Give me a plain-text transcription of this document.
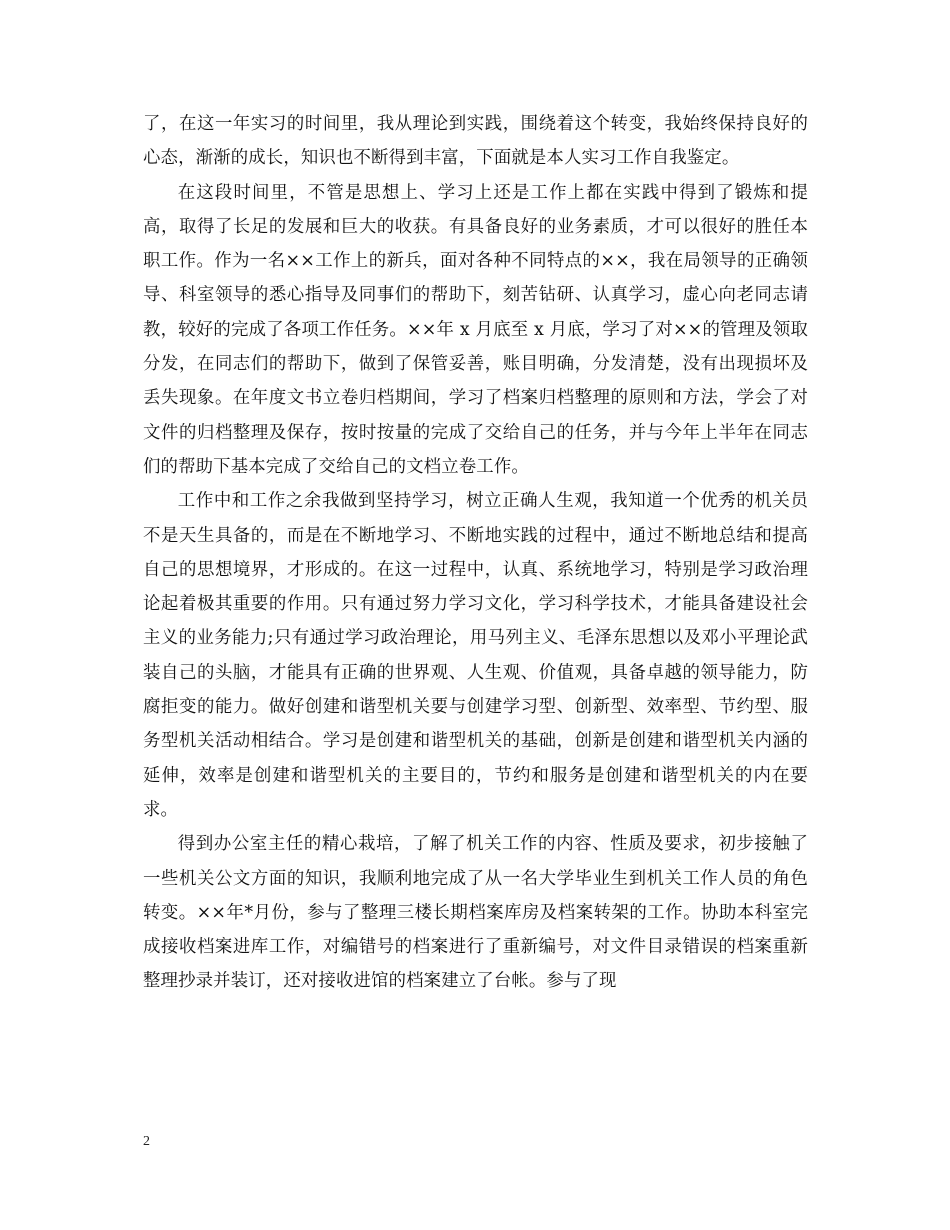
了，在这一年实习的时间里，我从理论到实践，围绕着这个转变，我始终保持良好的心态，渐渐的成长，知识也不断得到丰富，下面就是本人实习工作自我鉴定。

在这段时间里，不管是思想上、学习上还是工作上都在实践中得到了锻炼和提高，取得了长足的发展和巨大的收获。有具备良好的业务素质，才可以很好的胜任本职工作。作为一名××工作上的新兵，面对各种不同特点的××，我在局领导的正确领导、科室领导的悉心指导及同事们的帮助下，刻苦钻研、认真学习，虚心向老同志请教，较好的完成了各项工作任务。××年 x 月底至 x 月底，学习了对××的管理及领取分发，在同志们的帮助下，做到了保管妥善，账目明确，分发清楚，没有出现损坏及丢失现象。在年度文书立卷归档期间，学习了档案归档整理的原则和方法，学会了对文件的归档整理及保存，按时按量的完成了交给自己的任务，并与今年上半年在同志们的帮助下基本完成了交给自己的文档立卷工作。

工作中和工作之余我做到坚持学习，树立正确人生观，我知道一个优秀的机关员不是天生具备的，而是在不断地学习、不断地实践的过程中，通过不断地总结和提高自己的思想境界，才形成的。在这一过程中，认真、系统地学习，特别是学习政治理论起着极其重要的作用。只有通过努力学习文化，学习科学技术，才能具备建设社会主义的业务能力;只有通过学习政治理论，用马列主义、毛泽东思想以及邓小平理论武装自己的头脑，才能具有正确的世界观、人生观、价值观，具备卓越的领导能力，防腐拒变的能力。做好创建和谐型机关要与创建学习型、创新型、效率型、节约型、服务型机关活动相结合。学习是创建和谐型机关的基础，创新是创建和谐型机关内涵的延伸，效率是创建和谐型机关的主要目的，节约和服务是创建和谐型机关的内在要求。

得到办公室主任的精心栽培，了解了机关工作的内容、性质及要求，初步接触了一些机关公文方面的知识，我顺利地完成了从一名大学毕业生到机关工作人员的角色转变。××年*月份，参与了整理三楼长期档案库房及档案转架的工作。协助本科室完成接收档案进库工作，对编错号的档案进行了重新编号，对文件目录错误的档案重新整理抄录并装订，还对接收进馆的档案建立了台帐。参与了现

2
